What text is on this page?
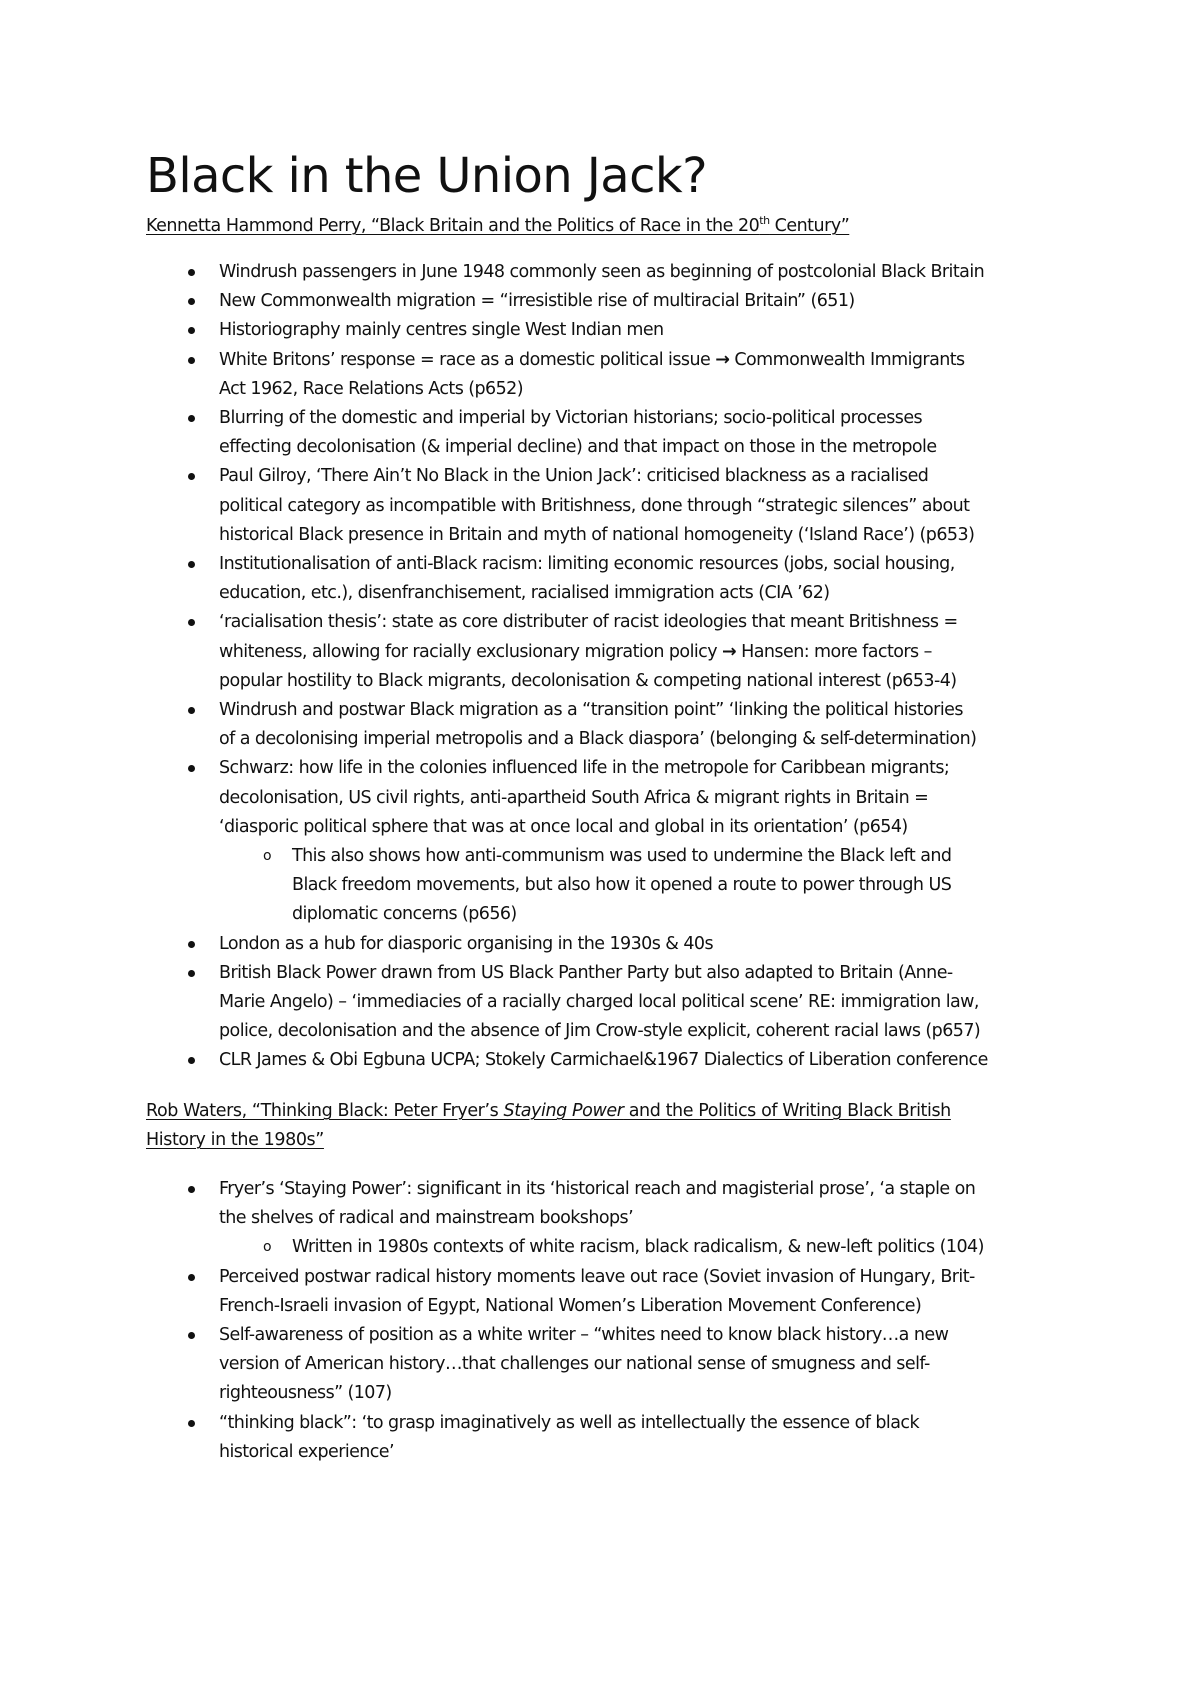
Black in the Union Jack?

Kennetta Hammond Perry, “Black Britain and the Politics of Race in the 20th Century”

Windrush passengers in June 1948 commonly seen as beginning of postcolonial Black Britain
New Commonwealth migration = “irresistible rise of multiracial Britain” (651)
Historiography mainly centres single West Indian men
White Britons’ response = race as a domestic political issue → Commonwealth Immigrants
Act 1962, Race Relations Acts (p652)
Blurring of the domestic and imperial by Victorian historians; socio-political processes
effecting decolonisation (& imperial decline) and that impact on those in the metropole
Paul Gilroy, ‘There Ain’t No Black in the Union Jack’: criticised blackness as a racialised
political category as incompatible with Britishness, done through “strategic silences” about
historical Black presence in Britain and myth of national homogeneity (‘Island Race’) (p653)
Institutionalisation of anti-Black racism: limiting economic resources (jobs, social housing,
education, etc.), disenfranchisement, racialised immigration acts (CIA ’62)
‘racialisation thesis’: state as core distributer of racist ideologies that meant Britishness =
whiteness, allowing for racially exclusionary migration policy → Hansen: more factors –
popular hostility to Black migrants, decolonisation & competing national interest (p653-4)
Windrush and postwar Black migration as a “transition point” ‘linking the political histories
of a decolonising imperial metropolis and a Black diaspora’ (belonging & self-determination)
Schwarz: how life in the colonies influenced life in the metropole for Caribbean migrants;
decolonisation, US civil rights, anti-apartheid South Africa & migrant rights in Britain =
‘diasporic political sphere that was at once local and global in its orientation’ (p654)
o This also shows how anti-communism was used to undermine the Black left and
Black freedom movements, but also how it opened a route to power through US
diplomatic concerns (p656)
London as a hub for diasporic organising in the 1930s & 40s
British Black Power drawn from US Black Panther Party but also adapted to Britain (Anne-
Marie Angelo) – ‘immediacies of a racially charged local political scene’ RE: immigration law,
police, decolonisation and the absence of Jim Crow-style explicit, coherent racial laws (p657)
CLR James & Obi Egbuna UCPA; Stokely Carmichael&1967 Dialectics of Liberation conference
Rob Waters, “Thinking Black: Peter Fryer’s Staying Power and the Politics of Writing Black British
History in the 1980s”
Fryer’s ‘Staying Power’: significant in its ‘historical reach and magisterial prose’, ‘a staple on
the shelves of radical and mainstream bookshops’
o Written in 1980s contexts of white racism, black radicalism, & new-left politics (104)
Perceived postwar radical history moments leave out race (Soviet invasion of Hungary, Brit-
French-Israeli invasion of Egypt, National Women’s Liberation Movement Conference)
Self-awareness of position as a white writer – “whites need to know black history…a new
version of American history…that challenges our national sense of smugness and self-
righteousness” (107)
“thinking black”: ‘to grasp imaginatively as well as intellectually the essence of black
historical experience’
